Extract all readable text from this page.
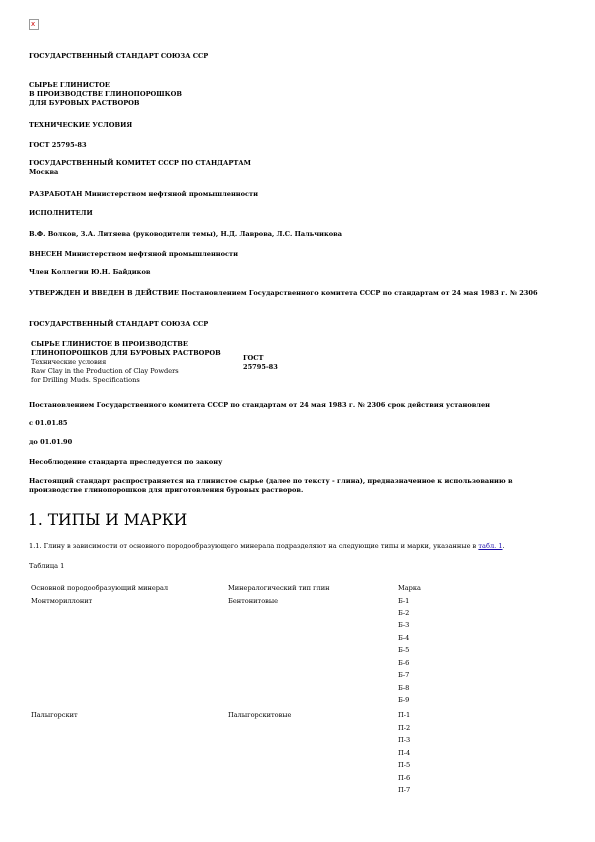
x
ГОСУДАРСТВЕННЫЙ СТАНДАРТ СОЮЗА ССР
СЫРЬЕ ГЛИНИСТОЕ
В ПРОИЗВОДСТВЕ ГЛИНОПОРОШКОВ
ДЛЯ БУРОВЫХ РАСТВОРОВ
ТЕХНИЧЕСКИЕ УСЛОВИЯ
ГОСТ 25795-83
ГОСУДАРСТВЕННЫЙ КОМИТЕТ СССР ПО СТАНДАРТАМ
Москва
РАЗРАБОТАН Министерством нефтяной промышленности
ИСПОЛНИТЕЛИ
В.Ф. Волков, З.А. Литяева (руководители темы), Н.Д. Лаврова, Л.С. Пальчикова
ВНЕСЕН Министерством нефтяной промышленности
Член Коллегии Ю.Н. Байдиков
УТВЕРЖДЕН И ВВЕДЕН В ДЕЙСТВИЕ Постановлением Государственного комитета СССР по стандартам от 24 мая 1983 г. № 2306
ГОСУДАРСТВЕННЫЙ СТАНДАРТ СОЮЗА ССР
СЫРЬЕ ГЛИНИСТОЕ В ПРОИЗВОДСТВЕ
ГЛИНОПОРОШКОВ ДЛЯ БУРОВЫХ РАСТВОРОВ
Технические условия
Raw Clay in the Production of Clay Powders
for Drilling Muds. Specifications
ГОСТ
25795-83
Постановлением Государственного комитета СССР по стандартам от 24 мая 1983 г. № 2306 срок действия установлен
с 01.01.85
до 01.01.90
Несоблюдение стандарта преследуется по закону
Настоящий стандарт распространяется на глинистое сырье (далее по тексту - глина), предназначенное к использованию в производстве глинопорошков для приготовления буровых растворов.
1. ТИПЫ И МАРКИ
1.1. Глину в зависимости от основного породообразующего минерала подразделяют на следующие типы и марки, указанные в табл. 1.
Таблица 1
Основной породообразующий минерал	Минералогический тип глин	Марка
Монтмориллонит	Бентонитовые	Б-1
Б-2
Б-3
Б-4
Б-5
Б-6
Б-7
Б-8
Б-9
Палыгорскит	Палыгорскитовые	П-1
П-2
П-3
П-4
П-5
П-6
П-7
